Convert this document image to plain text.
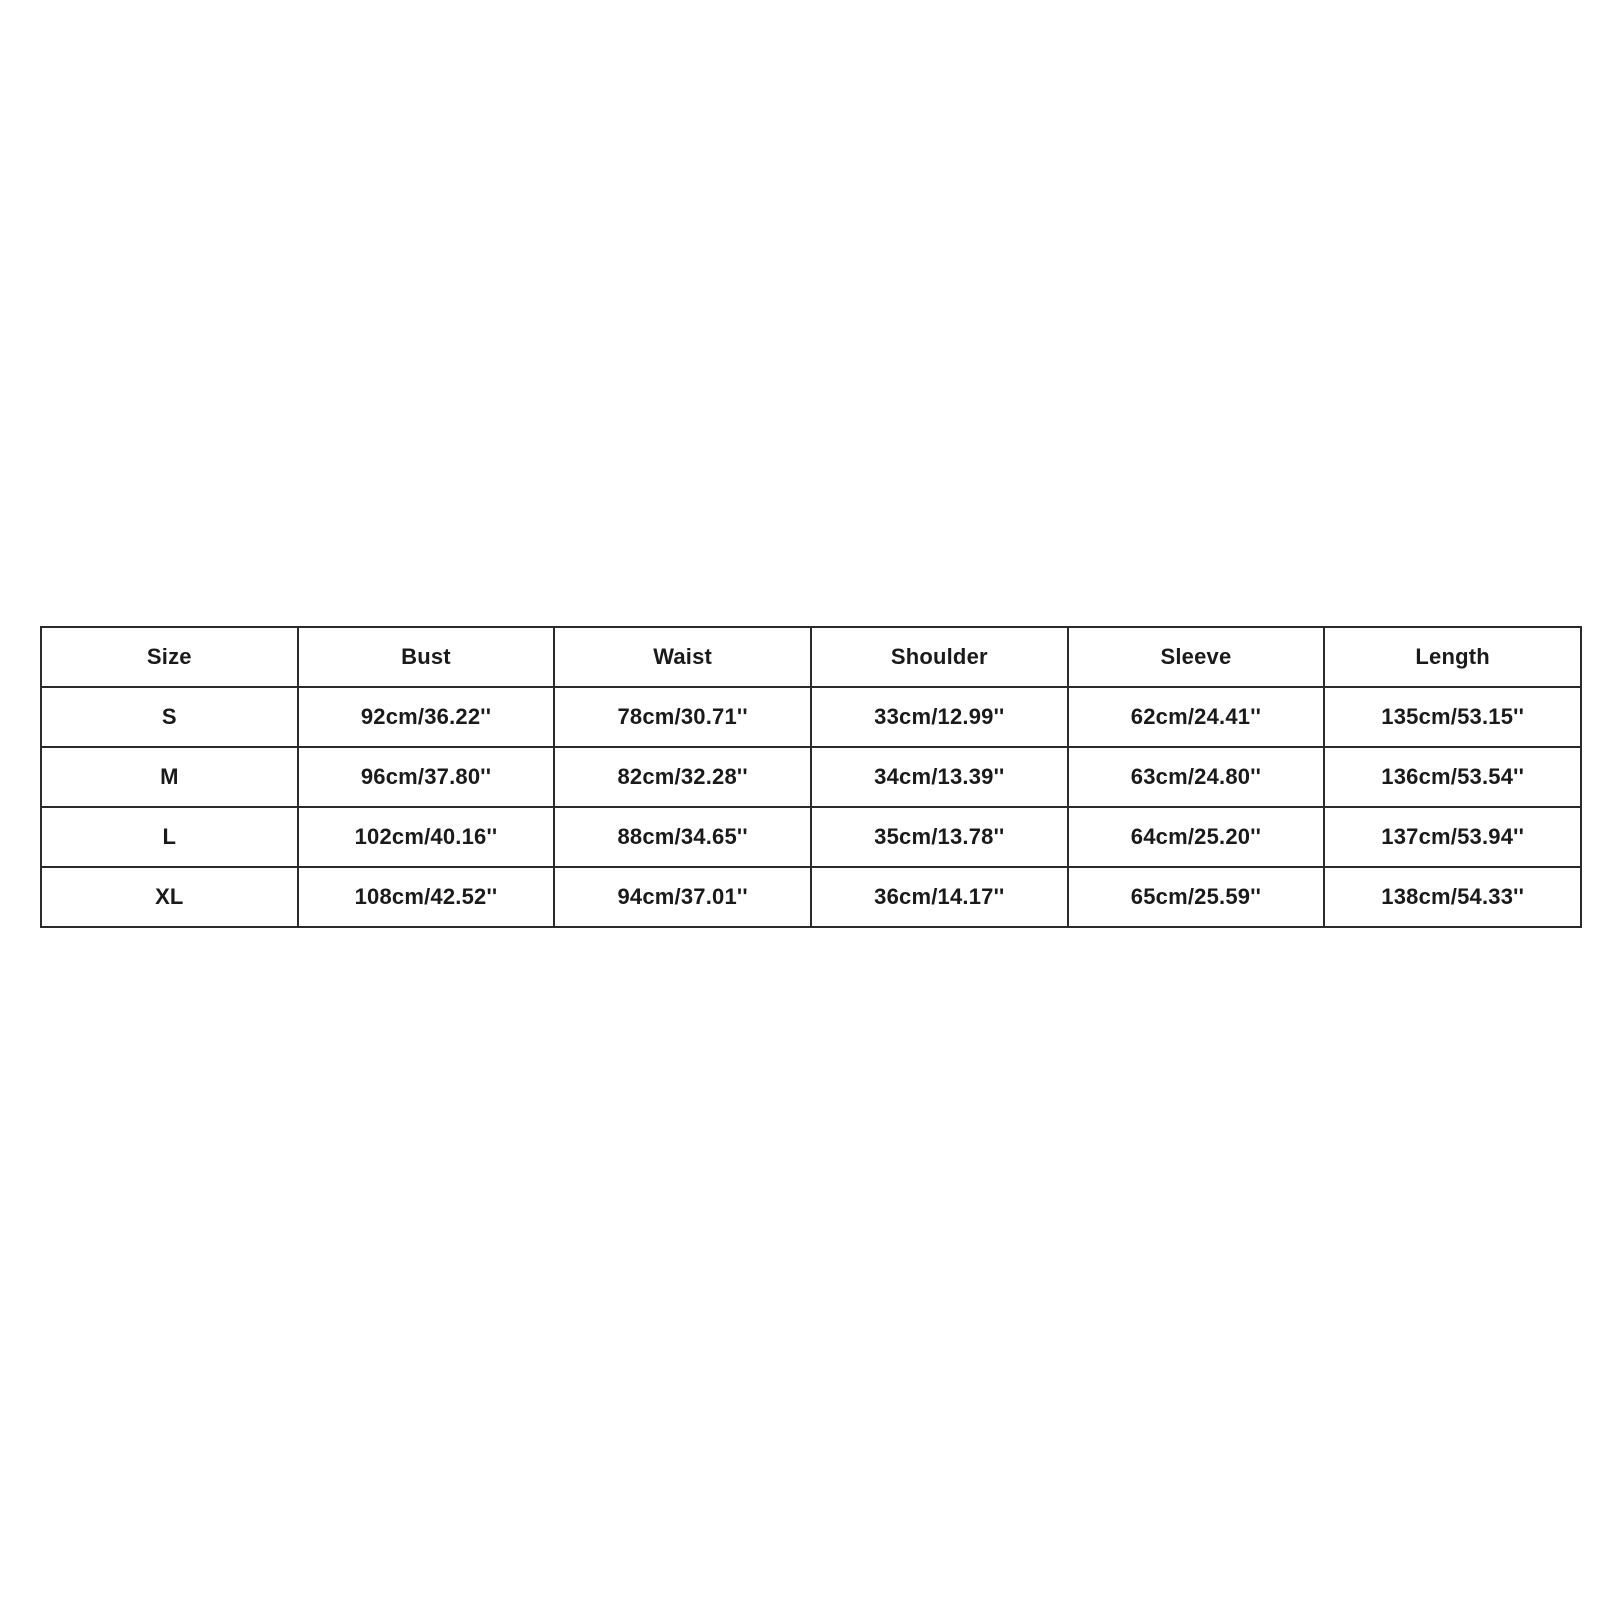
Size	Bust	Waist	Shoulder	Sleeve	Length
S	92cm/36.22''	78cm/30.71''	33cm/12.99''	62cm/24.41''	135cm/53.15''
M	96cm/37.80''	82cm/32.28''	34cm/13.39''	63cm/24.80''	136cm/53.54''
L	102cm/40.16''	88cm/34.65''	35cm/13.78''	64cm/25.20''	137cm/53.94''
XL	108cm/42.52''	94cm/37.01''	36cm/14.17''	65cm/25.59''	138cm/54.33''
